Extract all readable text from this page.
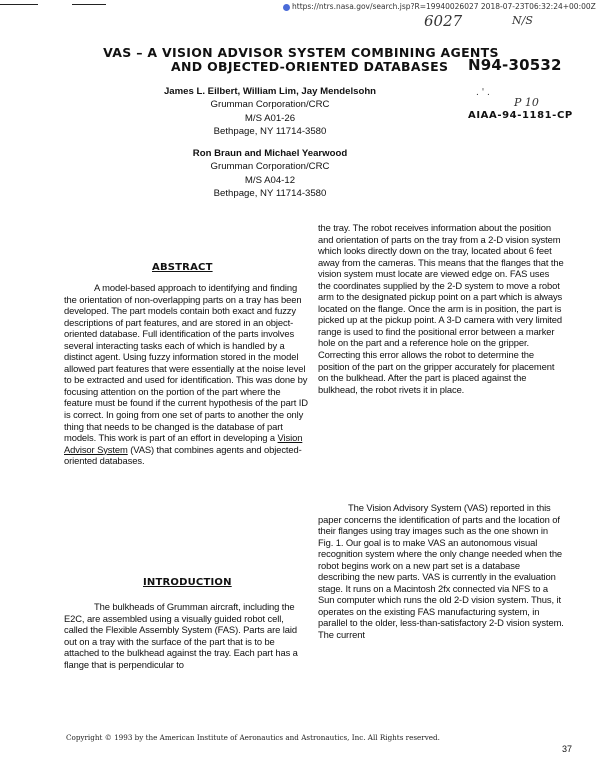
https://ntrs.nasa.gov/search.jsp?R=19940026027 2018-07-23T06:32:24+00:00Z
6027	N/S
P 10
. ' .
VAS – A VISION ADVISOR SYSTEM COMBINING AGENTS
AND OBJECTED-ORIENTED DATABASES	N94-30532
AIAA-94-1181-CP
James L. Eilbert, William Lim, Jay Mendelsohn
Grumman Corporation/CRC
M/S A01-26
Bethpage, NY 11714-3580
Ron Braun and Michael Yearwood
Grumman Corporation/CRC
M/S A04-12
Bethpage, NY 11714-3580
ABSTRACT

A model-based approach to identifying and finding the orientation of non-overlapping parts on a tray has been developed. The part models contain both exact and fuzzy descriptions of part features, and are stored in an object-oriented database. Full identification of the parts involves several interacting tasks each of which is handled by a distinct agent. Using fuzzy information stored in the model allowed part features that were essentially at the noise level to be extracted and used for identification. This was done by focusing attention on the portion of the part where the feature must be found if the current hypothesis of the part ID is correct. In going from one set of parts to another the only thing that needs to be changed is the database of part models. This work is part of an effort in developing a Vision Advisor System (VAS) that combines agents and objected-oriented databases.

INTRODUCTION

The bulkheads of Grumman aircraft, including the E2C, are assembled using a visually guided robot cell, called the Flexible Assembly System (FAS). Parts are laid out on a tray with the surface of the part that is to be attached to the bulkhead against the tray. Each part has a flange that is perpendicular to

the tray. The robot receives information about the position and orientation of parts on the tray from a 2-D vision system which looks directly down on the tray, located about 6 feet away from the cameras. This means that the flanges that the vision system must locate are viewed edge on. FAS uses the coordinates supplied by the 2-D system to move a robot arm to the designated pickup point on a part which is always located on the flange. Once the arm is in position, the part is picked up at the pickup point. A 3-D camera with very limited range is used to find the positional error between a marker hole on the part and a reference hole on the gripper. Correcting this error allows the robot to determine the position of the part on the gripper accurately for placement on the bulkhead. After the part is placed against the bulkhead, the robot rivets it in place.

The Vision Advisory System (VAS) reported in this paper concerns the identification of parts and the location of their flanges using tray images such as the one shown in Fig. 1. Our goal is to make VAS an autonomous visual recognition system where the only change needed when the robot begins work on a new part set is a database describing the new parts. VAS is currently in the evaluation stage. It runs on a Macintosh 2fx connected via NFS to a Sun computer which runs the old 2-D vision system. Thus, it operates on the existing FAS manufacturing system, in parallel to the older, less-than-satisfactory 2-D vision system. The current

Copyright © 1993 by the American Institute of Aeronautics and Astronautics, Inc. All Rights reserved.
37
